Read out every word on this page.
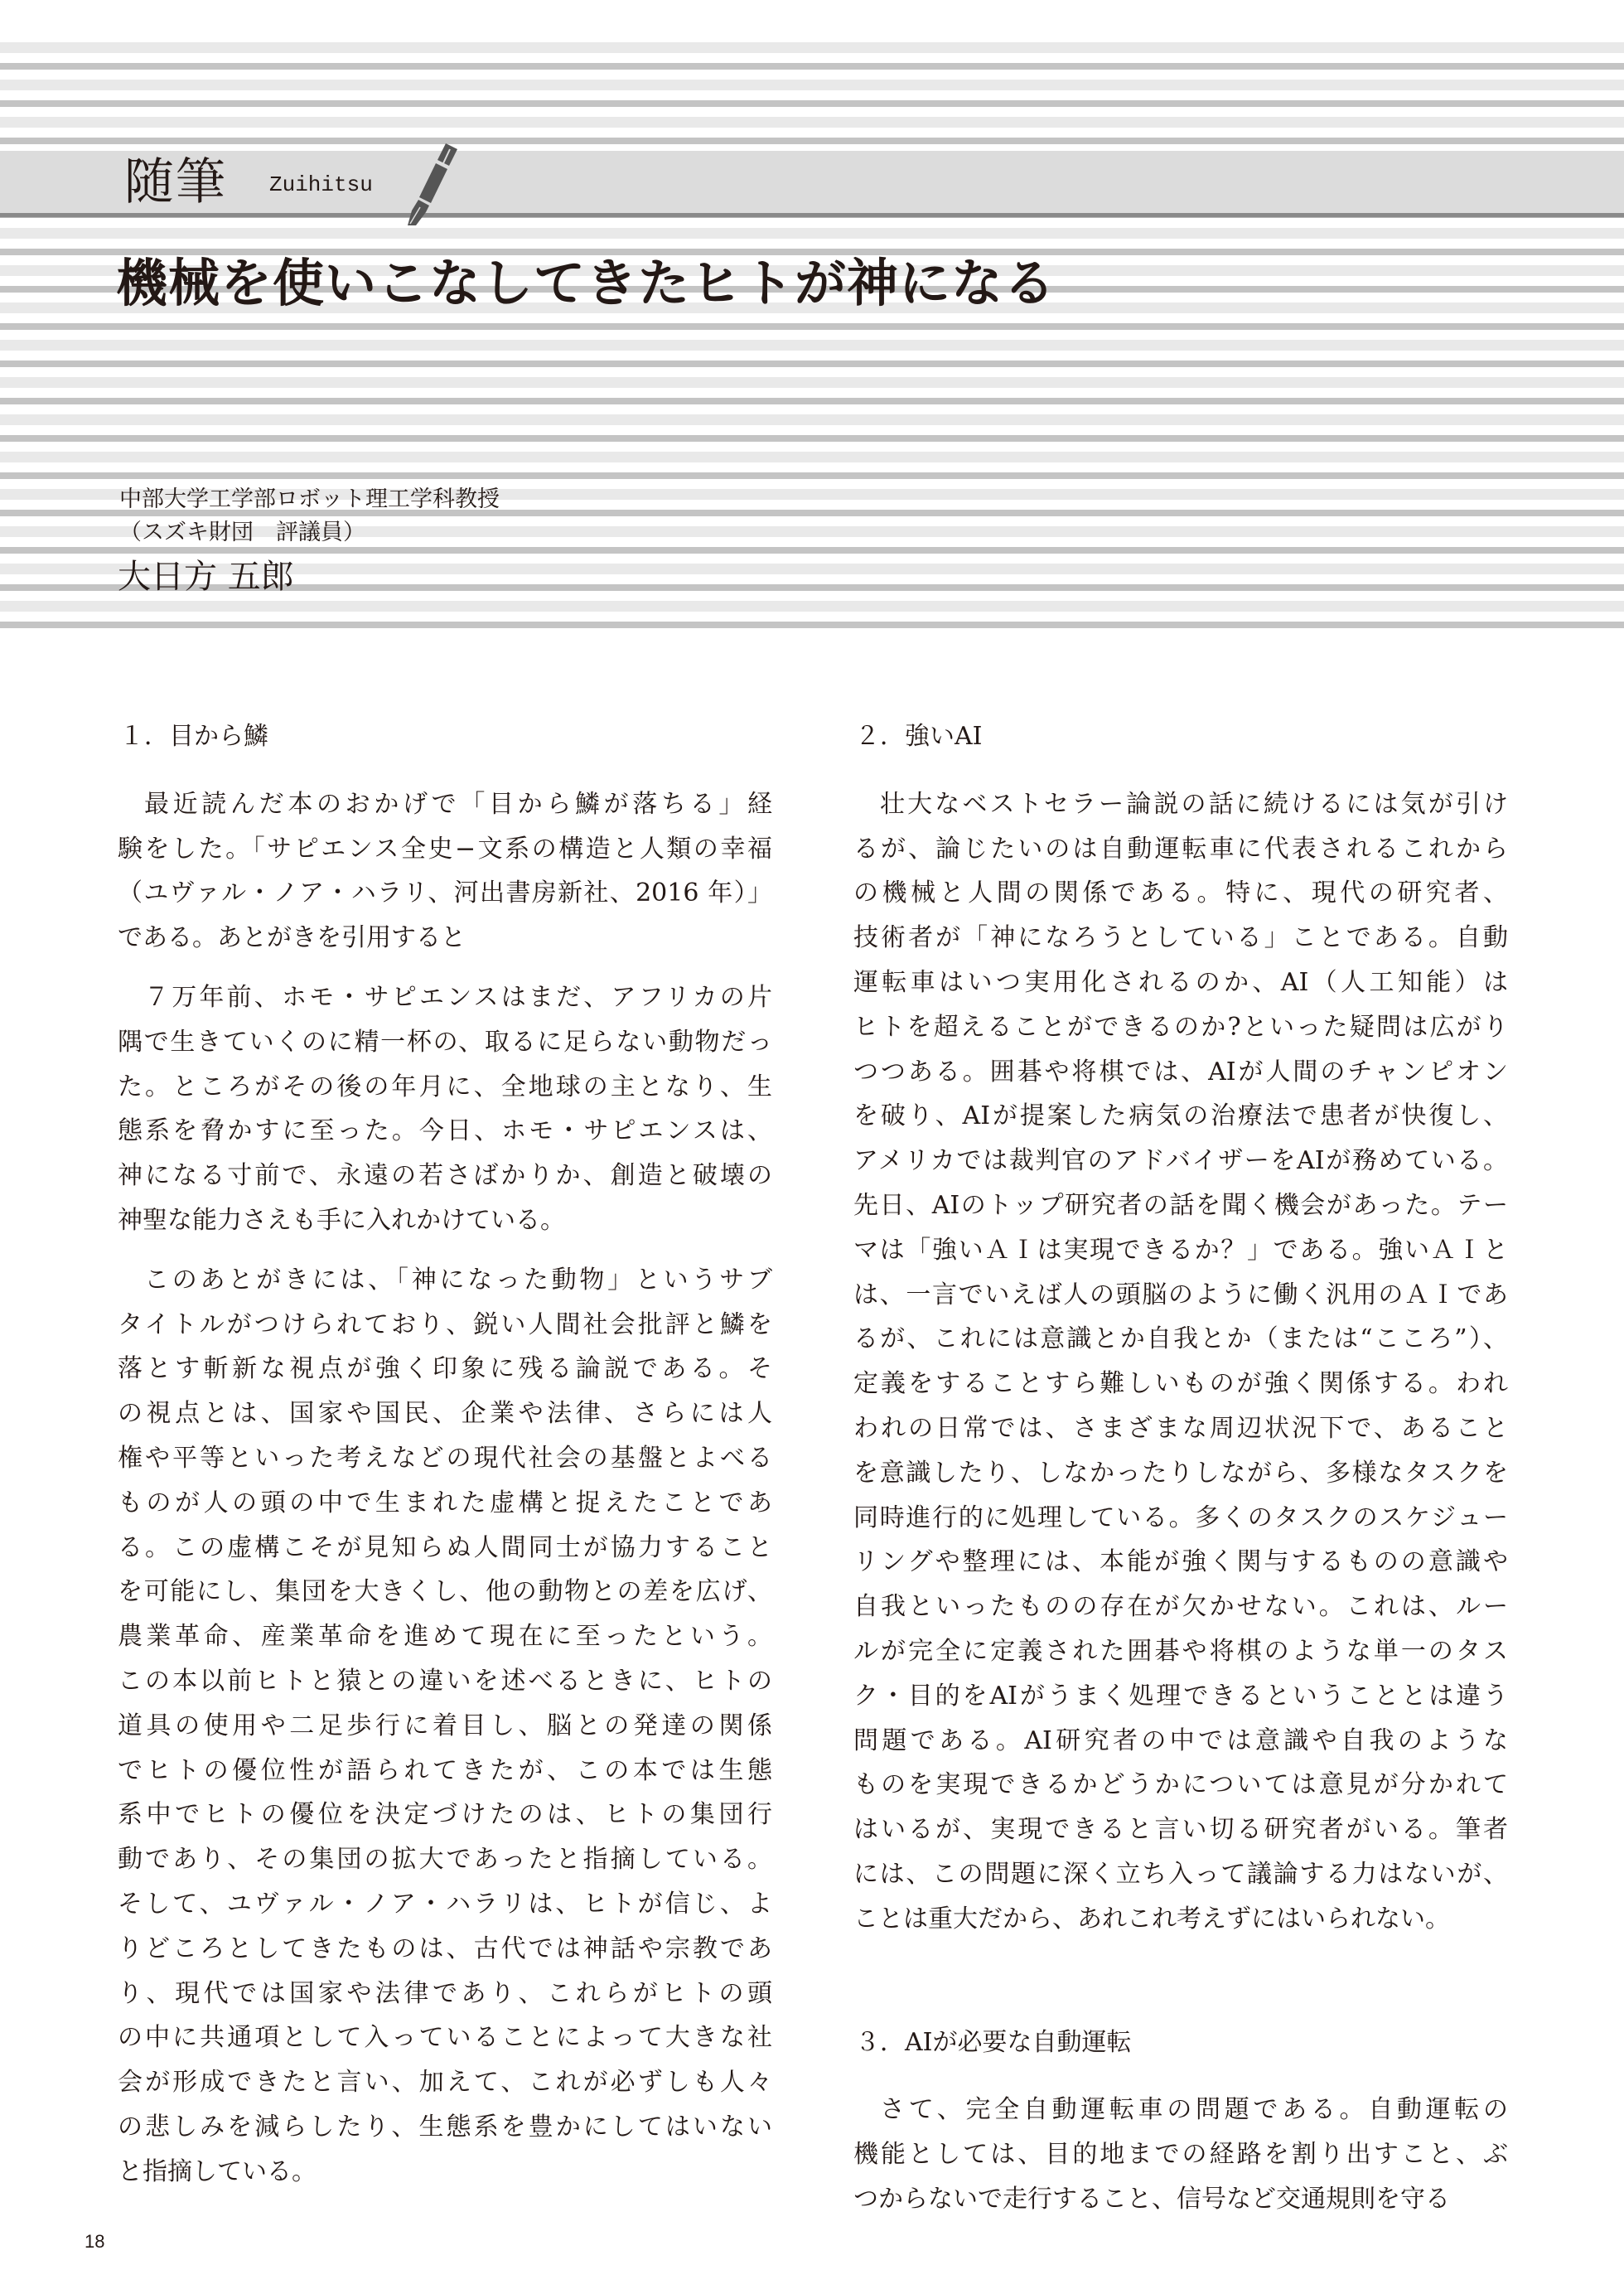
随筆 Zuihitsu
機械を使いこなしてきたヒトが神になる
中部大学工学部ロボット理工学科教授
（スズキ財団　評議員）
大日方 五郎
１．目から鱗
最近読んだ本のおかげで「目から鱗が落ちる」経
験をした。「サピエンス全史−文系の構造と人類の幸福
（ユヴァル・ノア・ハラリ、河出書房新社、2016 年）」
である。あとがきを引用すると
７万年前、ホモ・サピエンスはまだ、アフリカの片
隅で生きていくのに精一杯の、取るに足らない動物だっ
た。ところがその後の年月に、全地球の主となり、生
態系を脅かすに至った。今日、ホモ・サピエンスは、
神になる寸前で、永遠の若さばかりか、創造と破壊の
神聖な能力さえも手に入れかけている。
このあとがきには、「神になった動物」というサブ
タイトルがつけられており、鋭い人間社会批評と鱗を
落とす斬新な視点が強く印象に残る論説である。そ
の視点とは、国家や国民、企業や法律、さらには人
権や平等といった考えなどの現代社会の基盤とよべる
ものが人の頭の中で生まれた虚構と捉えたことであ
る。この虚構こそが見知らぬ人間同士が協力すること
を可能にし、集団を大きくし、他の動物との差を広げ、
農業革命、産業革命を進めて現在に至ったという。
この本以前ヒトと猿との違いを述べるときに、ヒトの
道具の使用や二足歩行に着目し、脳との発達の関係
でヒトの優位性が語られてきたが、この本では生態
系中でヒトの優位を決定づけたのは、ヒトの集団行
動であり、その集団の拡大であったと指摘している。
そして、ユヴァル・ノア・ハラリは、ヒトが信じ、よ
りどころとしてきたものは、古代では神話や宗教であ
り、現代では国家や法律であり、これらがヒトの頭
の中に共通項として入っていることによって大きな社
会が形成できたと言い、加えて、これが必ずしも人々
の悲しみを減らしたり、生態系を豊かにしてはいない
と指摘している。
２．強いAI
壮大なベストセラー論説の話に続けるには気が引け
るが、論じたいのは自動運転車に代表されるこれから
の機械と人間の関係である。特に、現代の研究者、
技術者が「神になろうとしている」ことである。自動
運転車はいつ実用化されるのか、AI（人工知能）は
ヒトを超えることができるのか?といった疑問は広がり
つつある。囲碁や将棋では、AIが人間のチャンピオン
を破り、AIが提案した病気の治療法で患者が快復し、
アメリカでは裁判官のアドバイザーをAIが務めている。
先日、AIのトップ研究者の話を聞く機会があった。テー
マは「強いＡＩは実現できるか？」である。強いＡＩと
は、一言でいえば人の頭脳のように働く汎用のＡＩであ
るが、これには意識とか自我とか（または“こころ”）、
定義をすることすら難しいものが強く関係する。われ
われの日常では、さまざまな周辺状況下で、あること
を意識したり、しなかったりしながら、多様なタスクを
同時進行的に処理している。多くのタスクのスケジュー
リングや整理には、本能が強く関与するものの意識や
自我といったものの存在が欠かせない。これは、ルー
ルが完全に定義された囲碁や将棋のような単一のタス
ク・目的をAIがうまく処理できるということとは違う
問題である。AI研究者の中では意識や自我のような
ものを実現できるかどうかについては意見が分かれて
はいるが、実現できると言い切る研究者がいる。筆者
には、この問題に深く立ち入って議論する力はないが、
ことは重大だから、あれこれ考えずにはいられない。
３．AIが必要な自動運転
さて、完全自動運転車の問題である。自動運転の
機能としては、目的地までの経路を割り出すこと、ぶ
つからないで走行すること、信号など交通規則を守る
18
